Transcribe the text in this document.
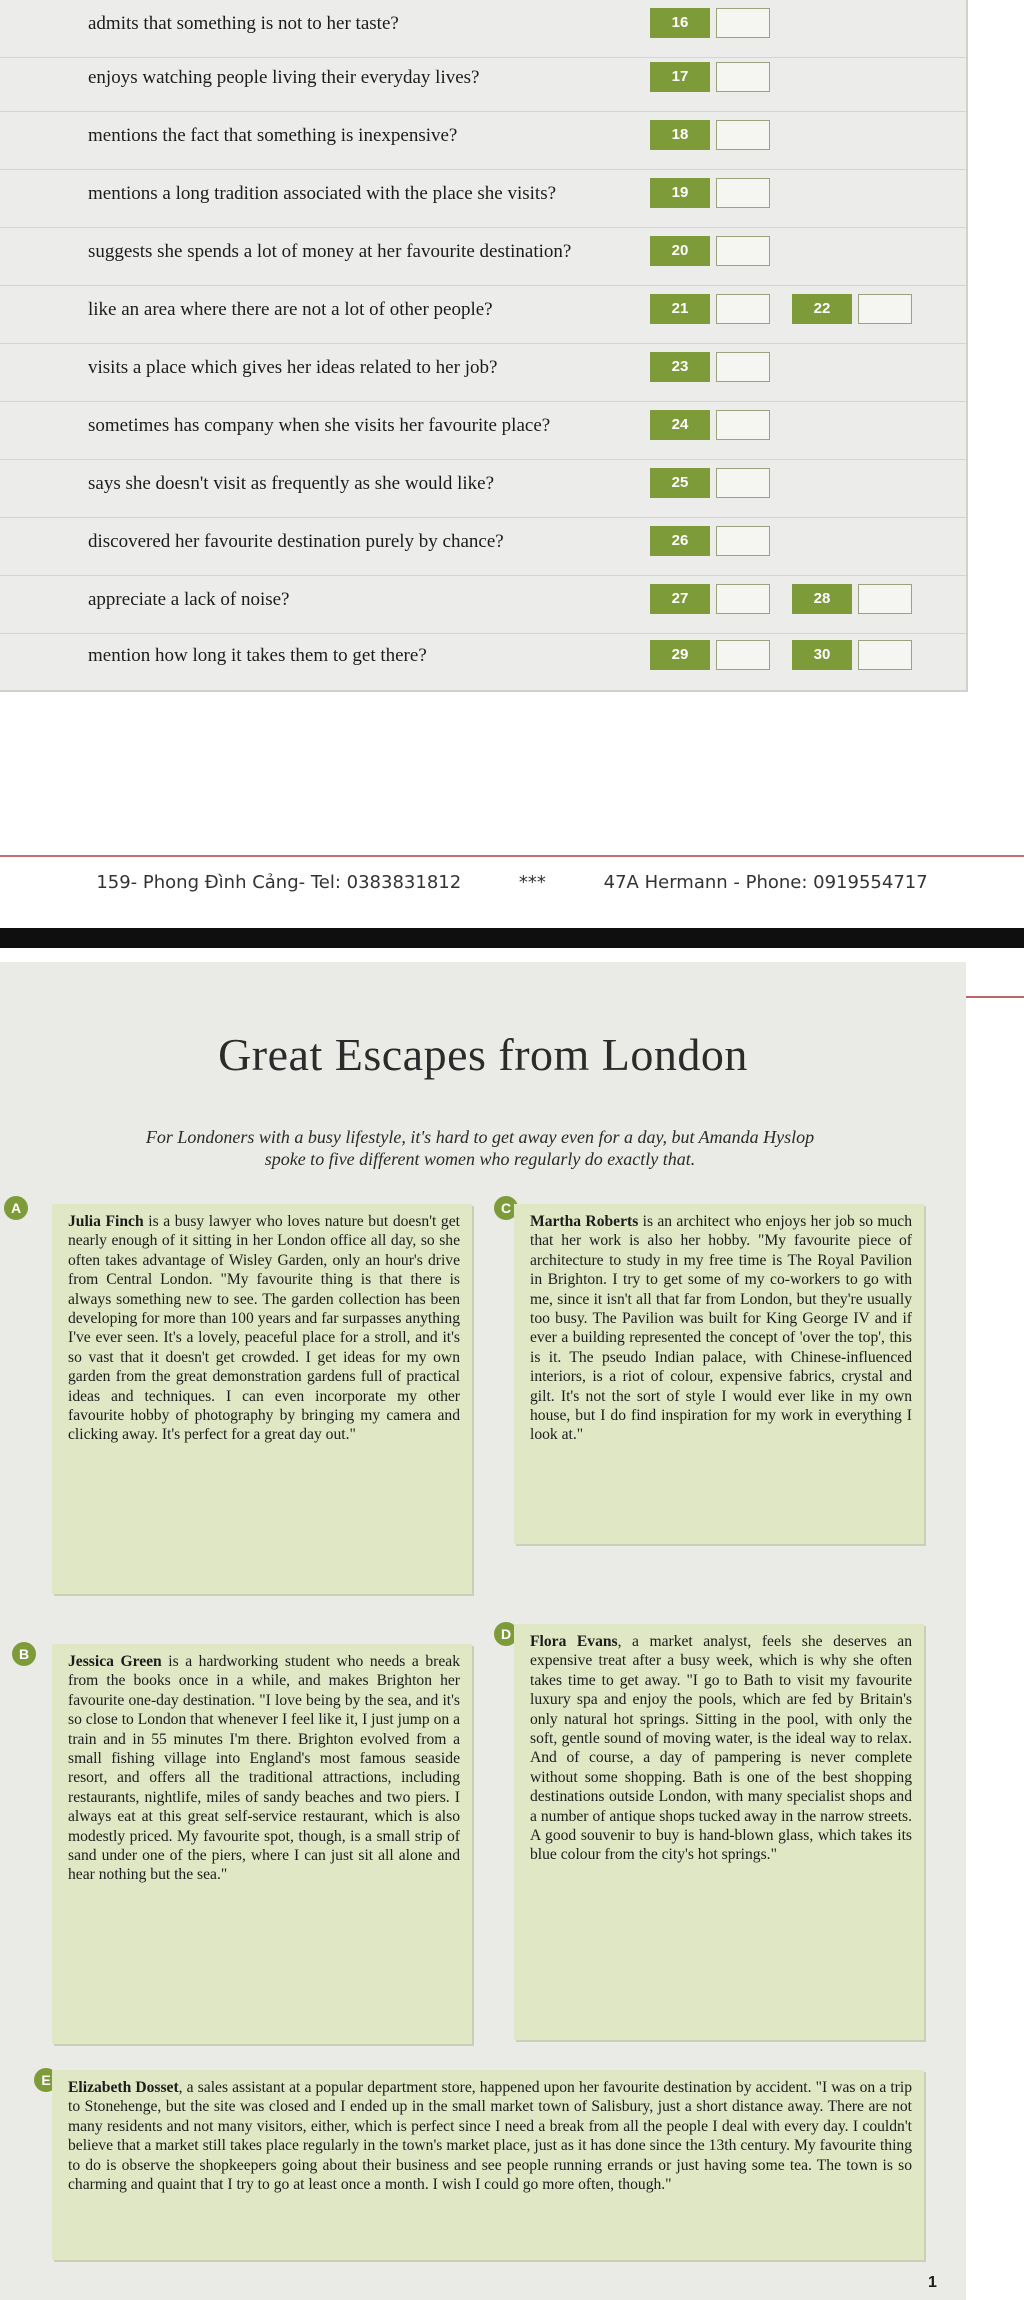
admits that something is not to her taste?	16
enjoys watching people living their everyday lives?	17
mentions the fact that something is inexpensive?	18
mentions a long tradition associated with the place she visits?	19
suggests she spends a lot of money at her favourite destination?	20
like an area where there are not a lot of other people?	21	22
visits a place which gives her ideas related to her job?	23
sometimes has company when she visits her favourite place?	24
says she doesn't visit as frequently as she would like?	25
discovered her favourite destination purely by chance?	26
appreciate a lack of noise?	27	28
mention how long it takes them to get there?	29	30
159- Phong Đình Cảng- Tel: 0383831812	***	47A Hermann - Phone: 0919554717
Great Escapes from London
For Londoners with a busy lifestyle, it's hard to get away even for a day, but Amanda Hyslop spoke to five different women who regularly do exactly that.
A
Julia Finch is a busy lawyer who loves nature but doesn't get nearly enough of it sitting in her London office all day, so she often takes advantage of Wisley Garden, only an hour's drive from Central London. "My favourite thing is that there is always something new to see. The garden collection has been developing for more than 100 years and far surpasses anything I've ever seen. It's a lovely, peaceful place for a stroll, and it's so vast that it doesn't get crowded. I get ideas for my own garden from the great demonstration gardens full of practical ideas and techniques. I can even incorporate my other favourite hobby of photography by bringing my camera and clicking away. It's perfect for a great day out."
C
Martha Roberts is an architect who enjoys her job so much that her work is also her hobby. "My favourite piece of architecture to study in my free time is The Royal Pavilion in Brighton. I try to get some of my co-workers to go with me, since it isn't all that far from London, but they're usually too busy. The Pavilion was built for King George IV and if ever a building represented the concept of 'over the top', this is it. The pseudo Indian palace, with Chinese-influenced interiors, is a riot of colour, expensive fabrics, crystal and gilt. It's not the sort of style I would ever like in my own house, but I do find inspiration for my work in everything I look at."
D	Flora Evans, a market analyst, feels she deserves an expensive treat after a busy week, which is why she often takes time to get away. "I go to Bath to visit my favourite luxury spa and enjoy the pools, which are fed by Britain's only natural hot springs. Sitting in the pool, with only the soft, gentle sound of moving water, is the ideal way to relax. And of course, a day of pampering is never complete without some shopping. Bath is one of the best shopping destinations outside London, with many specialist shops and a number of antique shops tucked away in the narrow streets. A good souvenir to buy is hand-blown glass, which takes its blue colour from the city's hot springs."
B	Jessica Green is a hardworking student who needs a break from the books once in a while, and makes Brighton her favourite one-day destination. "I love being by the sea, and it's so close to London that whenever I feel like it, I just jump on a train and in 55 minutes I'm there. Brighton evolved from a small fishing village into England's most famous seaside resort, and offers all the traditional attractions, including restaurants, nightlife, miles of sandy beaches and two piers. I always eat at this great self-service restaurant, which is also modestly priced. My favourite spot, though, is a small strip of sand under one of the piers, where I can just sit all alone and hear nothing but the sea."
E	Elizabeth Dosset, a sales assistant at a popular department store, happened upon her favourite destination by accident. "I was on a trip to Stonehenge, but the site was closed and I ended up in the small market town of Salisbury, just a short distance away. There are not many residents and not many visitors, either, which is perfect since I need a break from all the people I deal with every day. I couldn't believe that a market still takes place regularly in the town's market place, just as it has done since the 13th century. My favourite thing to do is observe the shopkeepers going about their business and see people running errands or just having some tea. The town is so charming and quaint that I try to go at least once a month. I wish I could go more often, though."
1
